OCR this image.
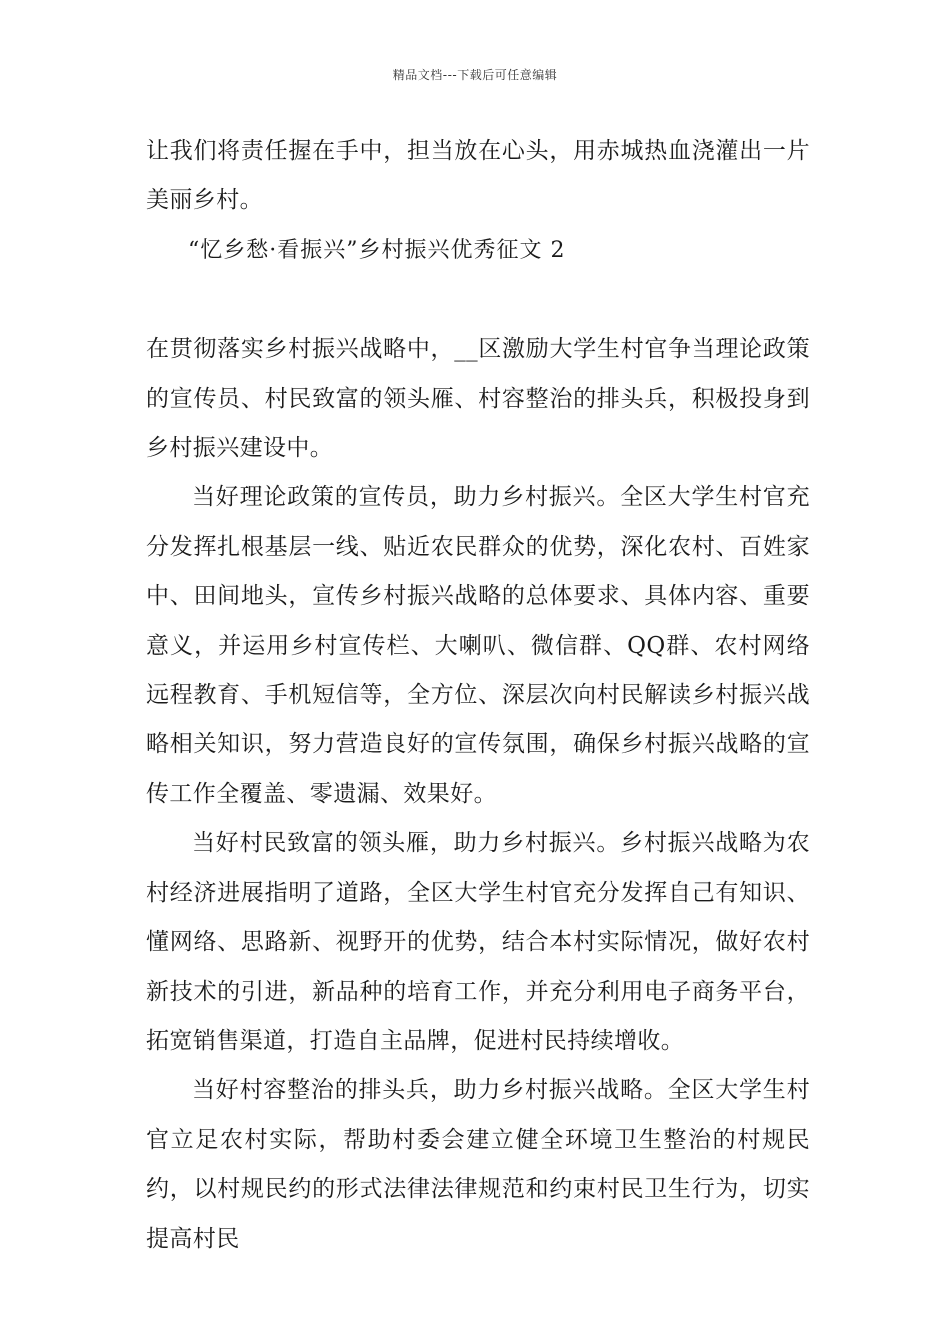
精品文档---下载后可任意编辑

让我们将责任握在手中，担当放在心头，用赤城热血浇灌出一片美丽乡村。

“忆乡愁·看振兴”乡村振兴优秀征文 2

在贯彻落实乡村振兴战略中，__区激励大学生村官争当理论政策的宣传员、村民致富的领头雁、村容整治的排头兵，积极投身到乡村振兴建设中。

当好理论政策的宣传员，助力乡村振兴。全区大学生村官充分发挥扎根基层一线、贴近农民群众的优势，深化农村、百姓家中、田间地头，宣传乡村振兴战略的总体要求、具体内容、重要意义，并运用乡村宣传栏、大喇叭、微信群、QQ群、农村网络远程教育、手机短信等，全方位、深层次向村民解读乡村振兴战略相关知识，努力营造良好的宣传氛围，确保乡村振兴战略的宣传工作全覆盖、零遗漏、效果好。

当好村民致富的领头雁，助力乡村振兴。乡村振兴战略为农村经济进展指明了道路，全区大学生村官充分发挥自己有知识、懂网络、思路新、视野开的优势，结合本村实际情况，做好农村新技术的引进，新品种的培育工作，并充分利用电子商务平台，拓宽销售渠道，打造自主品牌，促进村民持续增收。

当好村容整治的排头兵，助力乡村振兴战略。全区大学生村官立足农村实际，帮助村委会建立健全环境卫生整治的村规民约，以村规民约的形式法律法律规范和约束村民卫生行为，切实提高村民
